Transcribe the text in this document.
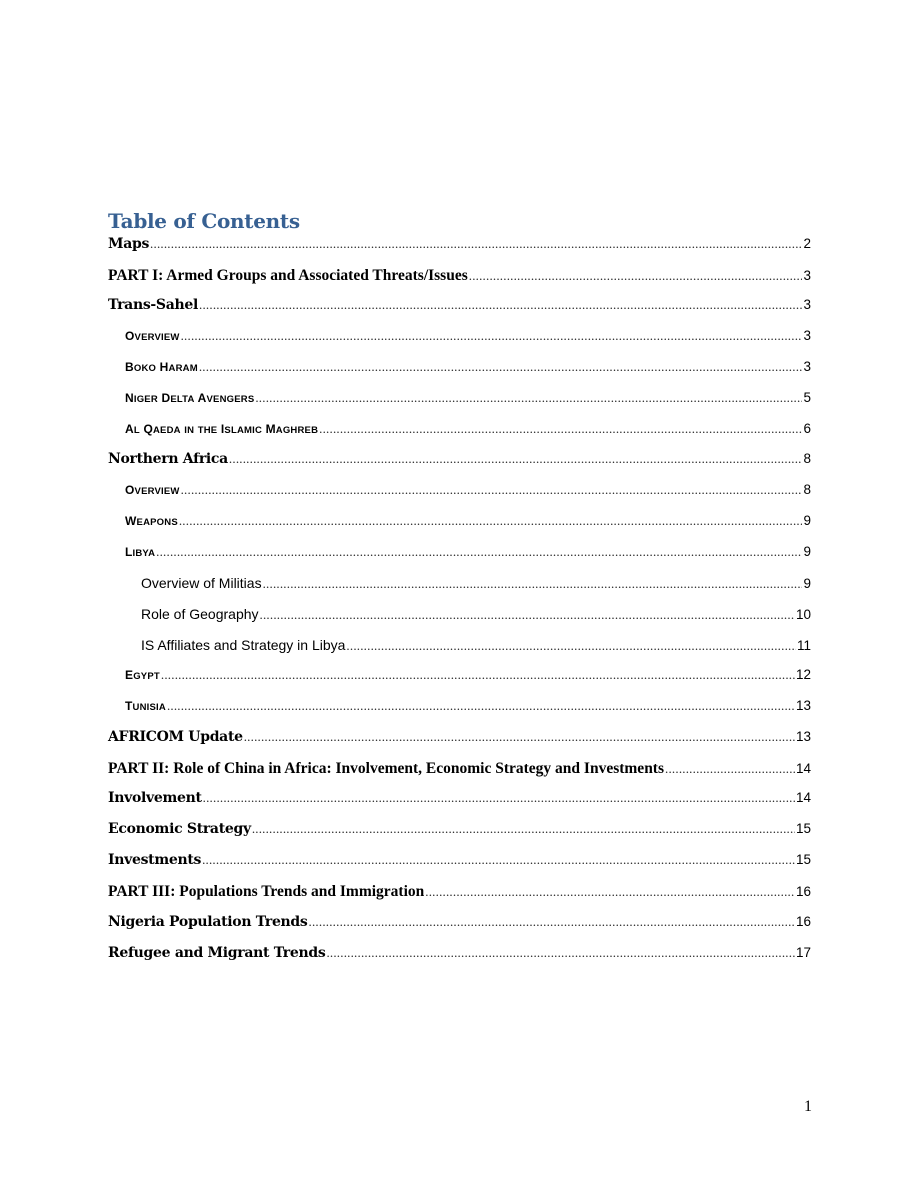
Table of Contents
Maps .....	2
PART I: Armed Groups and Associated Threats/Issues .....	3
Trans-Sahel .....	3
OVERVIEW .....	3
BOKO HARAM .....	3
NIGER DELTA AVENGERS .....	5
AL QAEDA IN THE ISLAMIC MAGHREB .....	6
Northern Africa .....	8
OVERVIEW .....	8
WEAPONS .....	9
LIBYA .....	9
Overview of Militias .....	9
Role of Geography .....	10
IS Affiliates and Strategy in Libya .....	11
EGYPT .....	12
TUNISIA .....	13
AFRICOM Update .....	13
PART II: Role of China in Africa: Involvement, Economic Strategy and Investments .....	14
Involvement .....	14
Economic Strategy .....	15
Investments .....	15
PART III: Populations Trends and Immigration .....	16
Nigeria Population Trends .....	16
Refugee and Migrant Trends .....	17
1
